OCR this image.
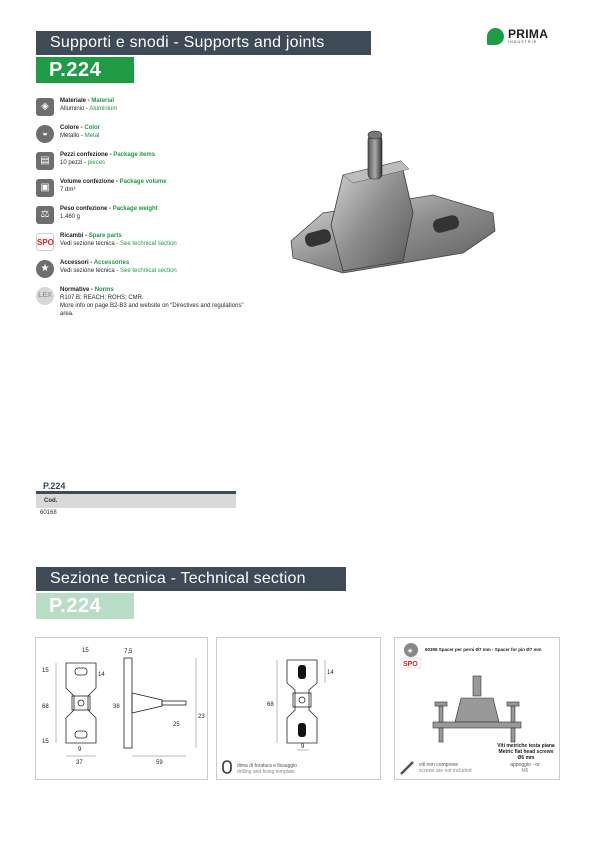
Supporti e snodi - Supports and joints
P.224
PRIMA
INDUSTRIE
◈	Materiale - Material
Alluminio - Aluminium
◒	Colore - Color
Metallo - Metal
▤	Pezzi confezione - Package items
10 pezzi - pieces
▣	Volume confezione - Package volume
7 dm³
⚖	Peso confezione - Package weight
1.460 g
SPO
Ricambi - Spare parts
Vedi sezione tecnica - See technical section
★	Accessori - Accessories
Vedi sezione tecnica - See technical section
LEX
Normative - Norms
R107.B; REACH; ROHS; CMR.
More info on page B2-B3 and website on “Directives and regulations” area.
P.224
Cod.
60168
Sezione tecnica - Technical section
P.224
15
15
14
68
15
9
37
7,5
38
25
23
59
68
14
9
dima di foratura e fissaggio
drilling and fixing template
★
SPO
60395 Spacer per perni Ø7 mm - Spacer for pin Ø7 mm
Viti metriche testa piana
Metric flat head screws
Ø6 mm
viti non comprese
screws are not included
appoggio - or
M6
